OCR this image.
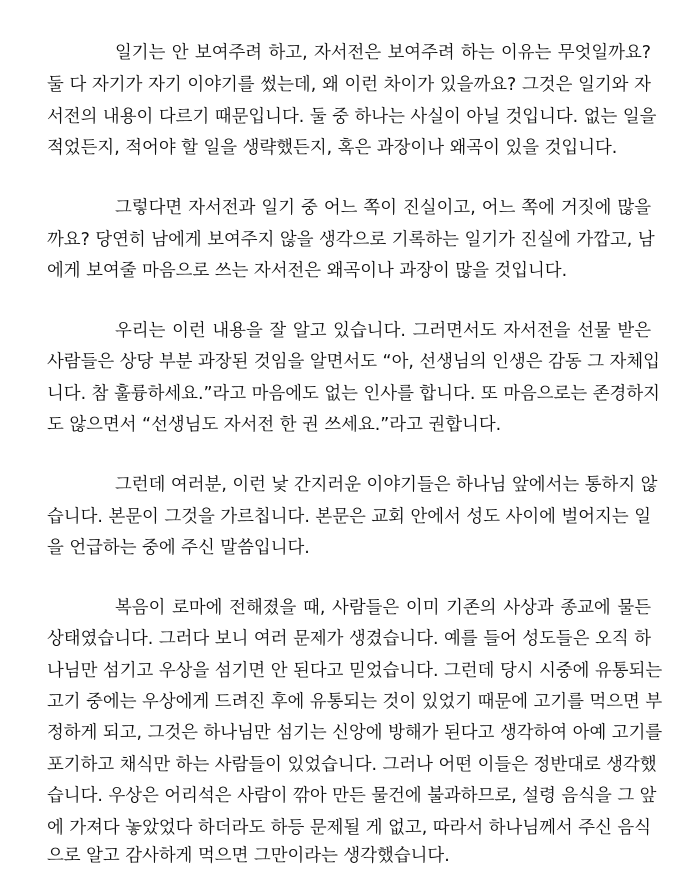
일기는 안 보여주려 하고, 자서전은 보여주려 하는 이유는 무엇일까요?
둘 다 자기가 자기 이야기를 썼는데, 왜 이런 차이가 있을까요? 그것은 일기와 자
서전의 내용이 다르기 때문입니다. 둘 중 하나는 사실이 아닐 것입니다. 없는 일을
적었든지, 적어야 할 일을 생략했든지, 혹은 과장이나 왜곡이 있을 것입니다.
그렇다면 자서전과 일기 중 어느 쪽이 진실이고, 어느 쪽에 거짓에 많을
까요? 당연히 남에게 보여주지 않을 생각으로 기록하는 일기가 진실에 가깝고, 남
에게 보여줄 마음으로 쓰는 자서전은 왜곡이나 과장이 많을 것입니다.
우리는 이런 내용을 잘 알고 있습니다. 그러면서도 자서전을 선물 받은
사람들은 상당 부분 과장된 것임을 알면서도 “아, 선생님의 인생은 감동 그 자체입
니다. 참 훌륭하세요.”라고 마음에도 없는 인사를 합니다. 또 마음으로는 존경하지
도 않으면서 “선생님도 자서전 한 권 쓰세요.”라고 권합니다.
그런데 여러분, 이런 낯 간지러운 이야기들은 하나님 앞에서는 통하지 않
습니다. 본문이 그것을 가르칩니다. 본문은 교회 안에서 성도 사이에 벌어지는 일
을 언급하는 중에 주신 말씀입니다.
복음이 로마에 전해졌을 때, 사람들은 이미 기존의 사상과 종교에 물든
상태였습니다. 그러다 보니 여러 문제가 생겼습니다. 예를 들어 성도들은 오직 하
나님만 섬기고 우상을 섬기면 안 된다고 믿었습니다. 그런데 당시 시중에 유통되는
고기 중에는 우상에게 드려진 후에 유통되는 것이 있었기 때문에 고기를 먹으면 부
정하게 되고, 그것은 하나님만 섬기는 신앙에 방해가 된다고 생각하여 아예 고기를
포기하고 채식만 하는 사람들이 있었습니다. 그러나 어떤 이들은 정반대로 생각했
습니다. 우상은 어리석은 사람이 깎아 만든 물건에 불과하므로, 설령 음식을 그 앞
에 가져다 놓았었다 하더라도 하등 문제될 게 없고, 따라서 하나님께서 주신 음식
으로 알고 감사하게 먹으면 그만이라는 생각했습니다.
